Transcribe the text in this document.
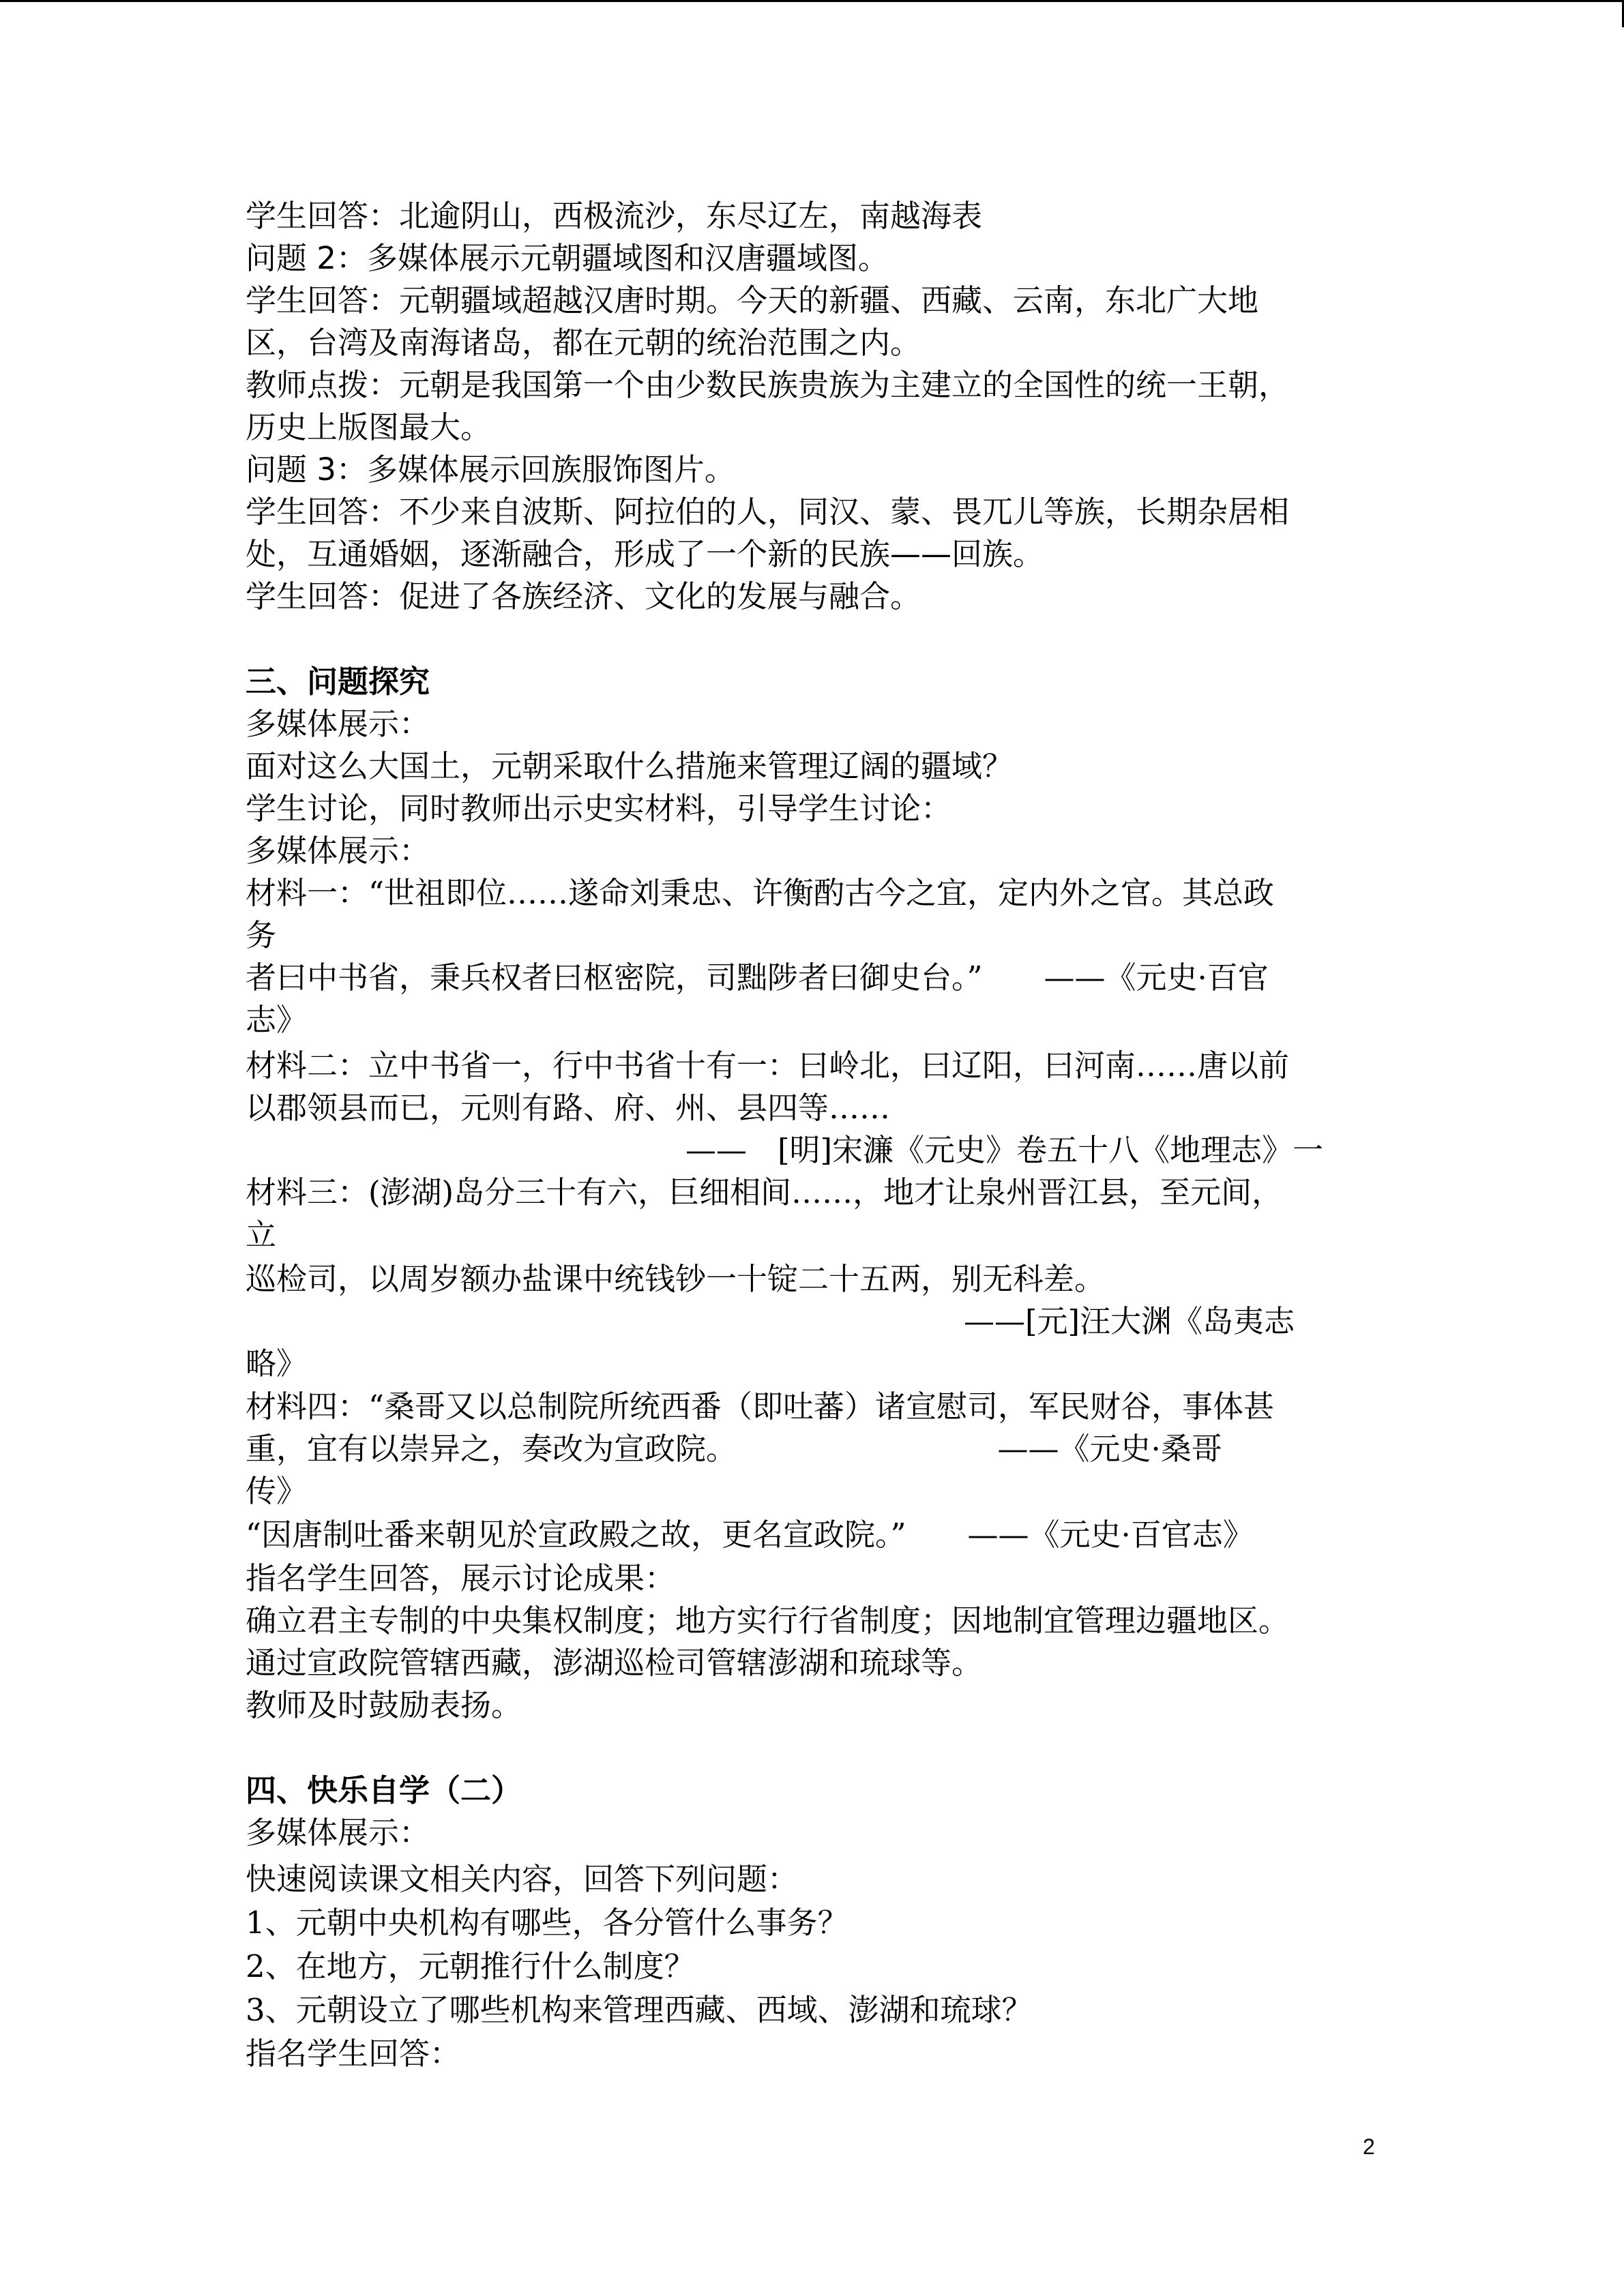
学生回答：北逾阴山，西极流沙，东尽辽左，南越海表
问题 2：多媒体展示元朝疆域图和汉唐疆域图。
学生回答：元朝疆域超越汉唐时期。今天的新疆、西藏、云南，东北广大地
区，台湾及南海诸岛，都在元朝的统治范围之内。
教师点拨：元朝是我国第一个由少数民族贵族为主建立的全国性的统一王朝，
历史上版图最大。
问题 3：多媒体展示回族服饰图片。
学生回答：不少来自波斯、阿拉伯的人，同汉、蒙、畏兀儿等族，长期杂居相
处，互通婚姻，逐渐融合，形成了一个新的民族——回族。
学生回答：促进了各族经济、文化的发展与融合。
三、问题探究
多媒体展示：
面对这么大国土，元朝采取什么措施来管理辽阔的疆域？
学生讨论，同时教师出示史实材料，引导学生讨论：
多媒体展示：
材料一：“世祖即位……遂命刘秉忠、许衡酌古今之宜，定内外之官。其总政
务
者曰中书省，秉兵权者曰枢密院，司黜陟者曰御史台。”　　——《元史·百官
志》
材料二：立中书省一，行中书省十有一：曰岭北，曰辽阳，曰河南……唐以前
以郡领县而已，元则有路、府、州、县四等……
——　[明]宋濂《元史》卷五十八《地理志》一
材料三：(澎湖)岛分三十有六，巨细相间……，地才让泉州晋江县，至元间，
立
巡检司，以周岁额办盐课中统钱钞一十锭二十五两，别无科差。
——[元]汪大渊《岛夷志
略》
材料四：“桑哥又以总制院所统西番（即吐蕃）诸宣慰司，军民财谷，事体甚
重，宜有以崇异之，奏改为宣政院。　　　　　　　　　——《元史·桑哥
传》
“因唐制吐番来朝见於宣政殿之故，更名宣政院。”　　——《元史·百官志》
指名学生回答，展示讨论成果：
确立君主专制的中央集权制度；地方实行行省制度；因地制宜管理边疆地区。
通过宣政院管辖西藏，澎湖巡检司管辖澎湖和琉球等。
教师及时鼓励表扬。
四、快乐自学（二）
多媒体展示：
快速阅读课文相关内容，回答下列问题：
1、元朝中央机构有哪些，各分管什么事务？
2、在地方，元朝推行什么制度？
3、元朝设立了哪些机构来管理西藏、西域、澎湖和琉球？
指名学生回答：
2
